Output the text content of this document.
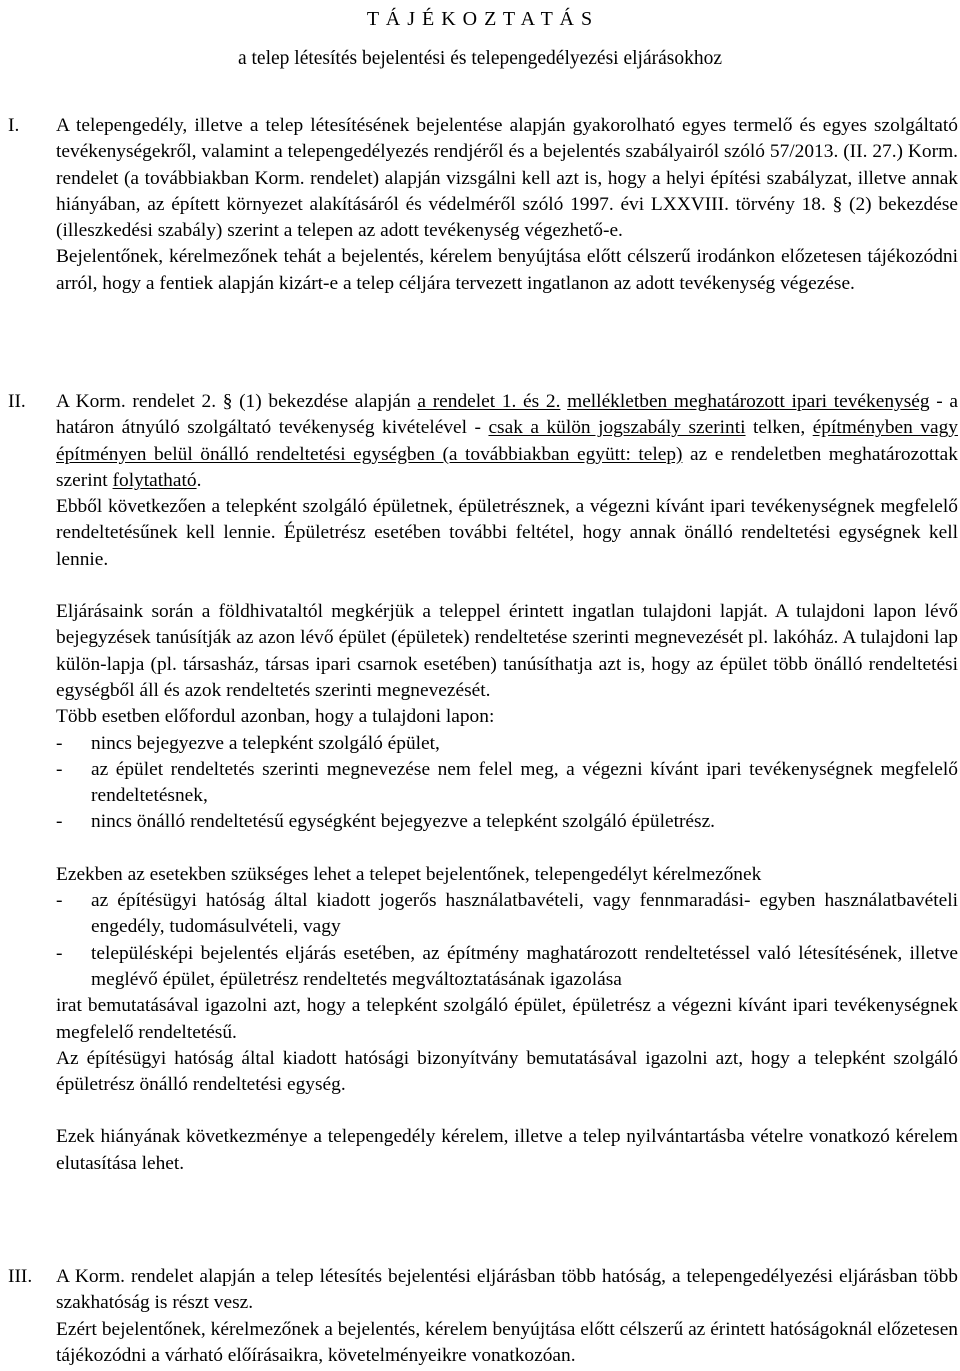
T Á J É K O Z T A T Á S
a telep létesítés bejelentési és telepengedélyezési eljárásokhoz
I. A telepengedély, illetve a telep létesítésének bejelentése alapján gyakorolható egyes termelő és egyes szolgáltató tevékenységekről, valamint a telepengedélyezés rendjéről és a bejelentés szabályairól szóló 57/2013. (II. 27.) Korm. rendelet (a továbbiakban Korm. rendelet) alapján vizsgálni kell azt is, hogy a helyi építési szabályzat, illetve annak hiányában, az épített környezet alakításáról és védelméről szóló 1997. évi LXXVIII. törvény 18. § (2) bekezdése (illeszkedési szabály) szerint a telepen az adott tevékenység végezhető-e.

Bejelentőnek, kérelmezőnek tehát a bejelentés, kérelem benyújtása előtt célszerű irodánkon előzetesen tájékozódni arról, hogy a fentiek alapján kizárt-e a telep céljára tervezett ingatlanon az adott tevékenység végezése.

II. A Korm. rendelet 2. § (1) bekezdése alapján a rendelet 1. és 2. mellékletben meghatározott ipari tevékenység - a határon átnyúló szolgáltató tevékenység kivételével - csak a külön jogszabály szerinti telken, építményben vagy építményen belül önálló rendeltetési egységben (a továbbiakban együtt: telep) az e rendeletben meghatározottak szerint folytatható.

Ebből következően a telepként szolgáló épületnek, épületrésznek, a végezni kívánt ipari tevékenységnek megfelelő rendeltetésűnek kell lennie. Épületrész esetében további feltétel, hogy annak önálló rendeltetési egységnek kell lennie.

Eljárásaink során a földhivataltól megkérjük a teleppel érintett ingatlan tulajdoni lapját. A tulajdoni lapon lévő bejegyzések tanúsítják az azon lévő épület (épületek) rendeltetése szerinti megnevezését pl. lakóház. A tulajdoni lap külön-lapja (pl. társasház, társas ipari csarnok esetében) tanúsíthatja azt is, hogy az épület több önálló rendeltetési egységből áll és azok rendeltetés szerinti megnevezését.

Több esetben előfordul azonban, hogy a tulajdoni lapon:

- nincs bejegyezve a telepként szolgáló épület,
- az épület rendeltetés szerinti megnevezése nem felel meg, a végezni kívánt ipari tevékenységnek megfelelő rendeltetésnek,
- nincs önálló rendeltetésű egységként bejegyezve a telepként szolgáló épületrész.

Ezekben az esetekben szükséges lehet a telepet bejelentőnek, telepengedélyt kérelmezőnek

- az építésügyi hatóság által kiadott jogerős használatbavételi, vagy fennmaradási- egyben használatbavételi engedély, tudomásulvételi, vagy
- településképi bejelentés eljárás esetében, az építmény maghatározott rendeltetéssel való létesítésének, illetve meglévő épület, épületrész rendeltetés megváltoztatásának igazolása

irat bemutatásával igazolni azt, hogy a telepként szolgáló épület, épületrész a végezni kívánt ipari tevékenységnek megfelelő rendeltetésű.

Az építésügyi hatóság által kiadott hatósági bizonyítvány bemutatásával igazolni azt, hogy a telepként szolgáló épületrész önálló rendeltetési egység.

Ezek hiányának következménye a telepengedély kérelem, illetve a telep nyilvántartásba vételre vonatkozó kérelem elutasítása lehet.

III. A Korm. rendelet alapján a telep létesítés bejelentési eljárásban több hatóság, a telepengedélyezési eljárásban több szakhatóság is részt vesz.

Ezért bejelentőnek, kérelmezőnek a bejelentés, kérelem benyújtása előtt célszerű az érintett hatóságoknál előzetesen tájékozódni a várható előírásaikra, követelményeikre vonatkozóan.
